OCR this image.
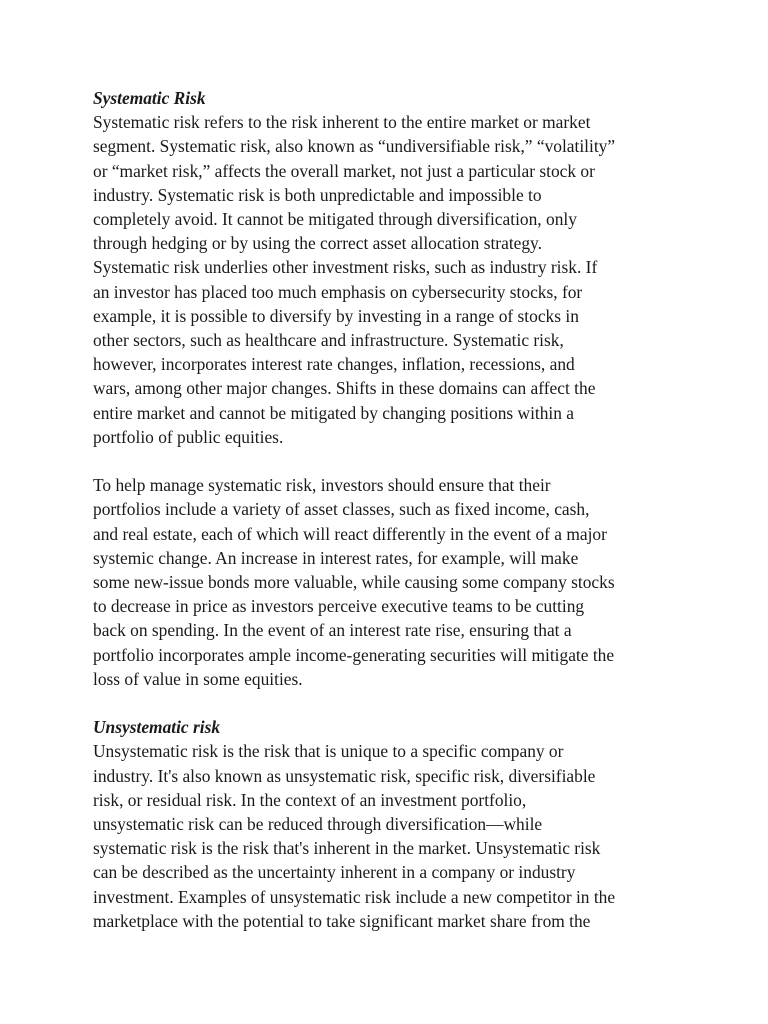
Systematic Risk

Systematic risk refers to the risk inherent to the entire market or market
segment. Systematic risk, also known as “undiversifiable risk,” “volatility”
or “market risk,” affects the overall market, not just a particular stock or
industry. Systematic risk is both unpredictable and impossible to
completely avoid. It cannot be mitigated through diversification, only
through hedging or by using the correct asset allocation strategy.
Systematic risk underlies other investment risks, such as industry risk. If
an investor has placed too much emphasis on cybersecurity stocks, for
example, it is possible to diversify by investing in a range of stocks in
other sectors, such as healthcare and infrastructure. Systematic risk,
however, incorporates interest rate changes, inflation, recessions, and
wars, among other major changes. Shifts in these domains can affect the
entire market and cannot be mitigated by changing positions within a
portfolio of public equities.

To help manage systematic risk, investors should ensure that their
portfolios include a variety of asset classes, such as fixed income, cash,
and real estate, each of which will react differently in the event of a major
systemic change. An increase in interest rates, for example, will make
some new-issue bonds more valuable, while causing some company stocks
to decrease in price as investors perceive executive teams to be cutting
back on spending. In the event of an interest rate rise, ensuring that a
portfolio incorporates ample income-generating securities will mitigate the
loss of value in some equities.

Unsystematic risk

Unsystematic risk is the risk that is unique to a specific company or
industry. It's also known as unsystematic risk, specific risk, diversifiable
risk, or residual risk. In the context of an investment portfolio,
unsystematic risk can be reduced through diversification—while
systematic risk is the risk that's inherent in the market. Unsystematic risk
can be described as the uncertainty inherent in a company or industry
investment. Examples of unsystematic risk include a new competitor in the
marketplace with the potential to take significant market share from the
